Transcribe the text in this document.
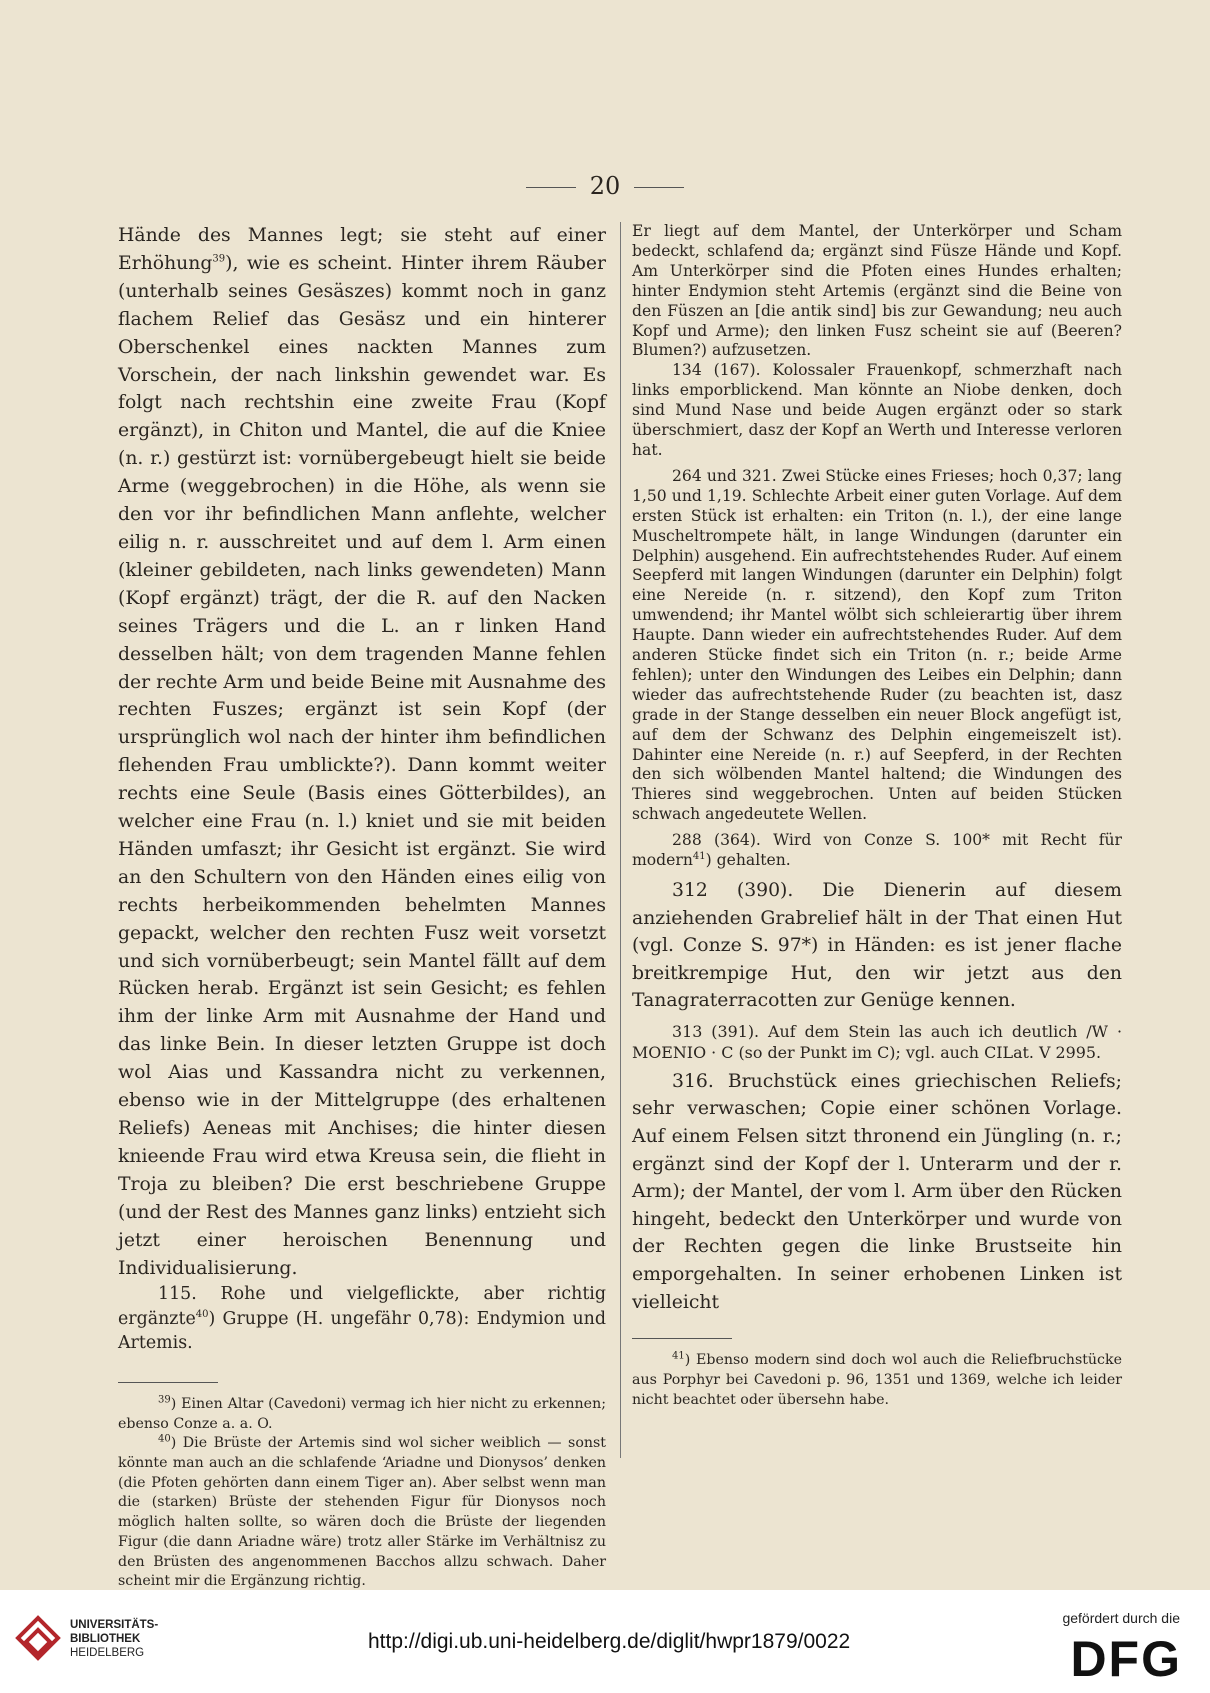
20

Hände des Mannes legt; sie steht auf einer Erhöhung$^{39}$), wie es scheint. Hinter ihrem Räuber (unterhalb seines Gesäszes) kommt noch in ganz flachem Relief das Gesäsz und ein hinterer Oberschenkel eines nackten Mannes zum Vorschein, der nach linkshin gewendet war. Es folgt nach rechtshin eine zweite Frau (Kopf ergänzt), in Chiton und Mantel, die auf die Kniee (n. r.) gestürzt ist: vornübergebeugt hielt sie beide Arme (weggebrochen) in die Höhe, als wenn sie den vor ihr befindlichen Mann anflehte, welcher eilig n. r. ausschreitet und auf dem l. Arm einen (kleiner gebildeten, nach links gewendeten) Mann (Kopf ergänzt) trägt, der die R. auf den Nacken seines Trägers und die L. an r linken Hand desselben hält; von dem tragenden Manne fehlen der rechte Arm und beide Beine mit Ausnahme des rechten Fuszes; ergänzt ist sein Kopf (der ursprünglich wol nach der hinter ihm befindlichen flehenden Frau umblickte?). Dann kommt weiter rechts eine Seule (Basis eines Götterbildes), an welcher eine Frau (n. l.) kniet und sie mit beiden Händen umfaszt; ihr Gesicht ist ergänzt. Sie wird an den Schultern von den Händen eines eilig von rechts herbeikommenden behelmten Mannes gepackt, welcher den rechten Fusz weit vorsetzt und sich vornüberbeugt; sein Mantel fällt auf dem Rücken herab. Ergänzt ist sein Gesicht; es fehlen ihm der linke Arm mit Ausnahme der Hand und das linke Bein. In dieser letzten Gruppe ist doch wol Aias und Kassandra nicht zu verkennen, ebenso wie in der Mittelgruppe (des erhaltenen Reliefs) Aeneas mit Anchises; die hinter diesen knieende Frau wird etwa Kreusa sein, die flieht in Troja zu bleiben? Die erst beschriebene Gruppe (und der Rest des Mannes ganz links) entzieht sich jetzt einer heroischen Benennung und Individualisierung.

115. Rohe und vielgeflickte, aber richtig ergänzte$^{40}$) Gruppe (H. ungefähr 0,78): Endymion und Artemis.

$^{39}$) Einen Altar (Cavedoni) vermag ich hier nicht zu erkennen; ebenso Conze a. a. O.

$^{40}$) Die Brüste der Artemis sind wol sicher weiblich — sonst könnte man auch an die schlafende ‘Ariadne und Dionysos’ denken (die Pfoten gehörten dann einem Tiger an). Aber selbst wenn man die (starken) Brüste der stehenden Figur für Dionysos noch möglich halten sollte, so wären doch die Brüste der liegenden Figur (die dann Ariadne wäre) trotz aller Stärke im Verhältnisz zu den Brüsten des angenommenen Bacchos allzu schwach. Daher scheint mir die Ergänzung richtig.

Er liegt auf dem Mantel, der Unterkörper und Scham bedeckt, schlafend da; ergänzt sind Füsze Hände und Kopf. Am Unterkörper sind die Pfoten eines Hundes erhalten; hinter Endymion steht Artemis (ergänzt sind die Beine von den Füszen an [die antik sind] bis zur Gewandung; neu auch Kopf und Arme); den linken Fusz scheint sie auf (Beeren? Blumen?) aufzusetzen.

134 (167). Kolossaler Frauenkopf, schmerzhaft nach links emporblickend. Man könnte an Niobe denken, doch sind Mund Nase und beide Augen ergänzt oder so stark überschmiert, dasz der Kopf an Werth und Interesse verloren hat.

264 und 321. Zwei Stücke eines Frieses; hoch 0,37; lang 1,50 und 1,19. Schlechte Arbeit einer guten Vorlage. Auf dem ersten Stück ist erhalten: ein Triton (n. l.), der eine lange Muscheltrompete hält, in lange Windungen (darunter ein Delphin) ausgehend. Ein aufrechtstehendes Ruder. Auf einem Seepferd mit langen Windungen (darunter ein Delphin) folgt eine Nereide (n. r. sitzend), den Kopf zum Triton umwendend; ihr Mantel wölbt sich schleierartig über ihrem Haupte. Dann wieder ein aufrechtstehendes Ruder. Auf dem anderen Stücke findet sich ein Triton (n. r.; beide Arme fehlen); unter den Windungen des Leibes ein Delphin; dann wieder das aufrechtstehende Ruder (zu beachten ist, dasz grade in der Stange desselben ein neuer Block angefügt ist, auf dem der Schwanz des Delphin eingemeiszelt ist). Dahinter eine Nereide (n. r.) auf Seepferd, in der Rechten den sich wölbenden Mantel haltend; die Windungen des Thieres sind weggebrochen. Unten auf beiden Stücken schwach angedeutete Wellen.

288 (364). Wird von Conze S. 100* mit Recht für modern$^{41}$) gehalten.

312 (390). Die Dienerin auf diesem anziehenden Grabrelief hält in der That einen Hut (vgl. Conze S. 97*) in Händen: es ist jener flache breitkrempige Hut, den wir jetzt aus den Tanagraterracotten zur Genüge kennen.

313 (391). Auf dem Stein las auch ich deutlich /W · MOENIO · C (so der Punkt im C); vgl. auch CILat. V 2995.

316. Bruchstück eines griechischen Reliefs; sehr verwaschen; Copie einer schönen Vorlage. Auf einem Felsen sitzt thronend ein Jüngling (n. r.; ergänzt sind der Kopf der l. Unterarm und der r. Arm); der Mantel, der vom l. Arm über den Rücken hingeht, bedeckt den Unterkörper und wurde von der Rechten gegen die linke Brustseite hin emporgehalten. In seiner erhobenen Linken ist vielleicht

$^{41}$) Ebenso modern sind doch wol auch die Reliefbruchstücke aus Porphyr bei Cavedoni p. 96, 1351 und 1369, welche ich leider nicht beachtet oder übersehn habe.

UNIVERSITÄTS-
BIBLIOTHEK
HEIDELBERG	http://digi.ub.uni-heidelberg.de/diglit/hwpr1879/0022
gefördert durch die
DFG
